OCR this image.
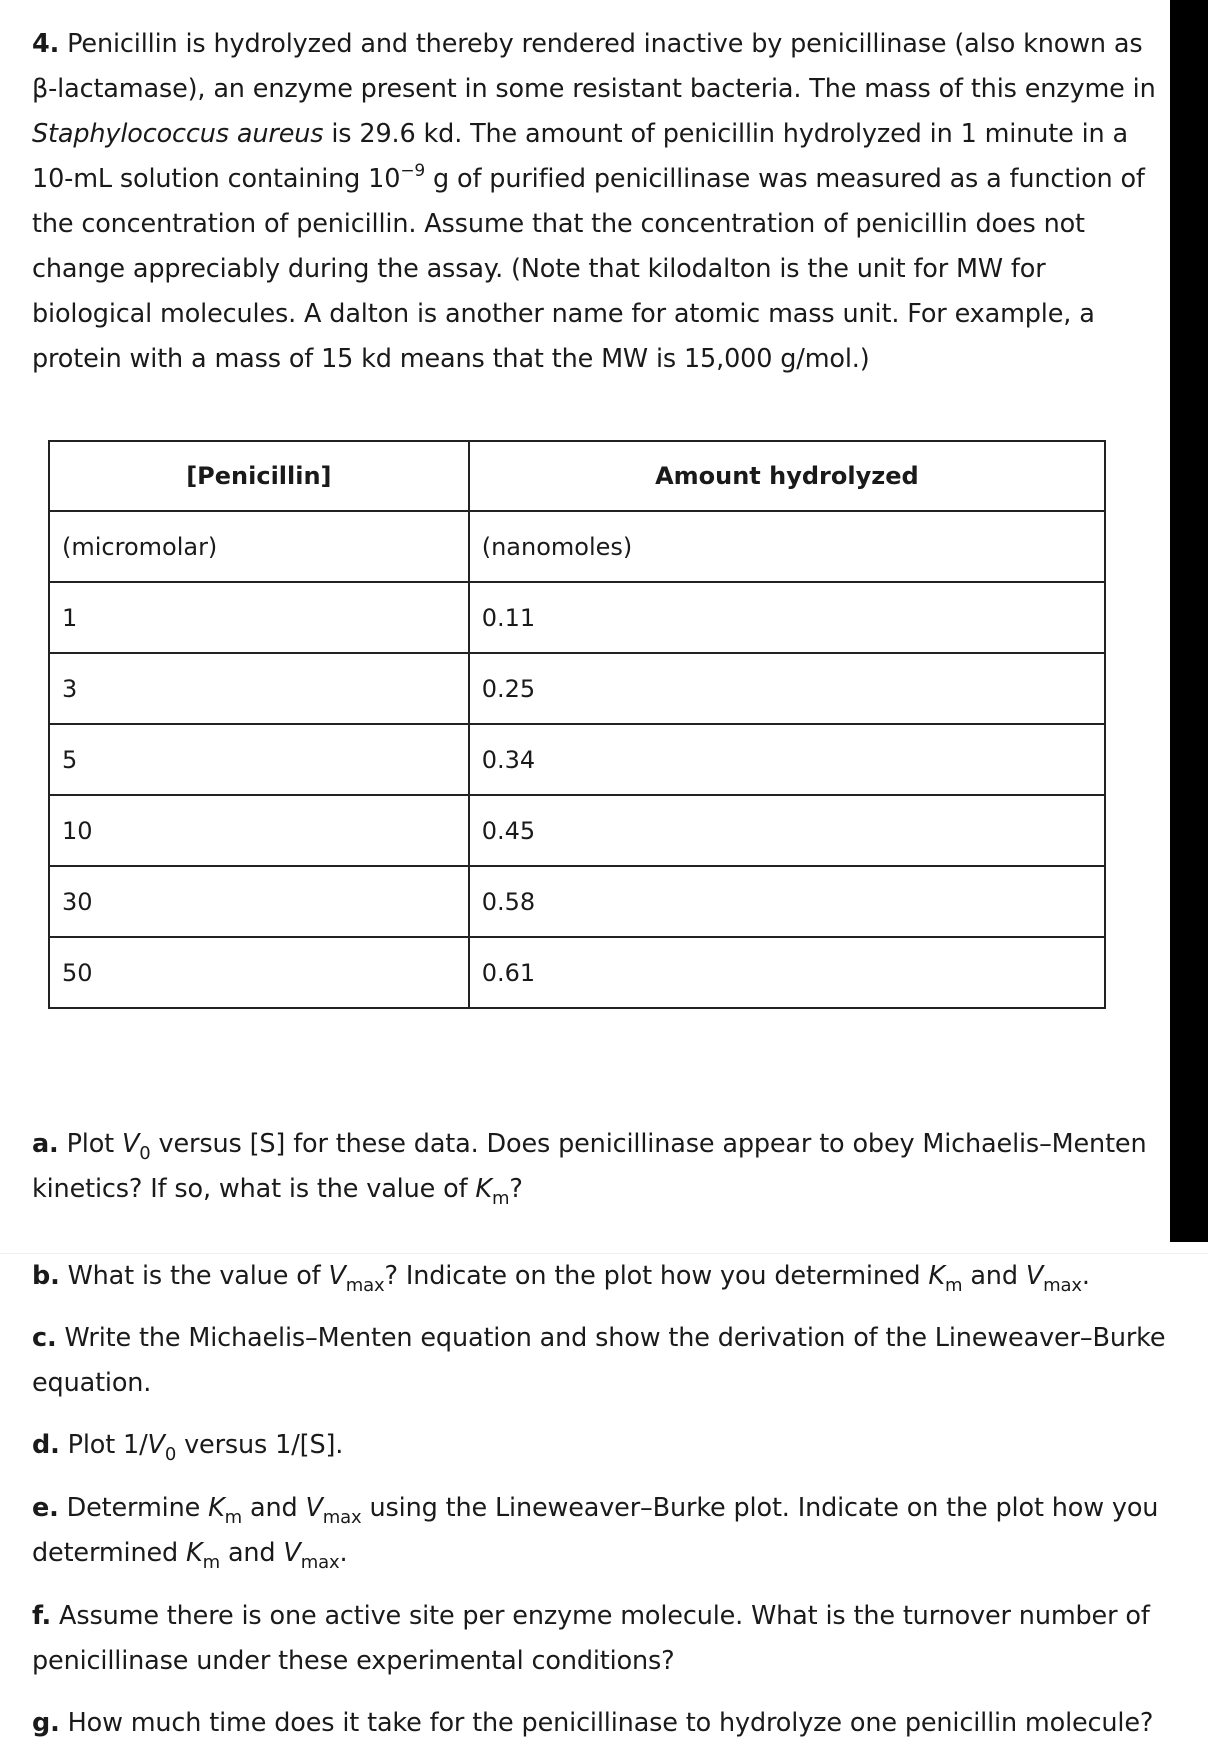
4. Penicillin is hydrolyzed and thereby rendered inactive by penicillinase (also known as β-lactamase), an enzyme present in some resistant bacteria. The mass of this enzyme in Staphylococcus aureus is 29.6 kd. The amount of penicillin hydrolyzed in 1 minute in a 10-mL solution containing $10^{-9}$ g of purified penicillinase was measured as a function of the concentration of penicillin. Assume that the concentration of penicillin does not change appreciably during the assay. (Note that kilodalton is the unit for MW for biological molecules. A dalton is another name for atomic mass unit. For example, a protein with a mass of 15 kd means that the MW is 15,000 g/mol.)
[Penicillin]	Amount hydrolyzed
(micromolar)	(nanomoles)
1	0.11
3	0.25
5	0.34
10	0.45
30	0.58
50	0.61
a. Plot $V_0$ versus [S] for these data. Does penicillinase appear to obey Michaelis–Menten kinetics? If so, what is the value of $K_m$?
b. What is the value of $V_{max}$? Indicate on the plot how you determined $K_m$ and $V_{max}$.
c. Write the Michaelis–Menten equation and show the derivation of the Lineweaver–Burke equation.
d. Plot $1/V_0$ versus 1/[S].
e. Determine $K_m$ and $V_{max}$ using the Lineweaver–Burke plot. Indicate on the plot how you determined $K_m$ and $V_{max}$.
f. Assume there is one active site per enzyme molecule. What is the turnover number of penicillinase under these experimental conditions?
g. How much time does it take for the penicillinase to hydrolyze one penicillin molecule?
